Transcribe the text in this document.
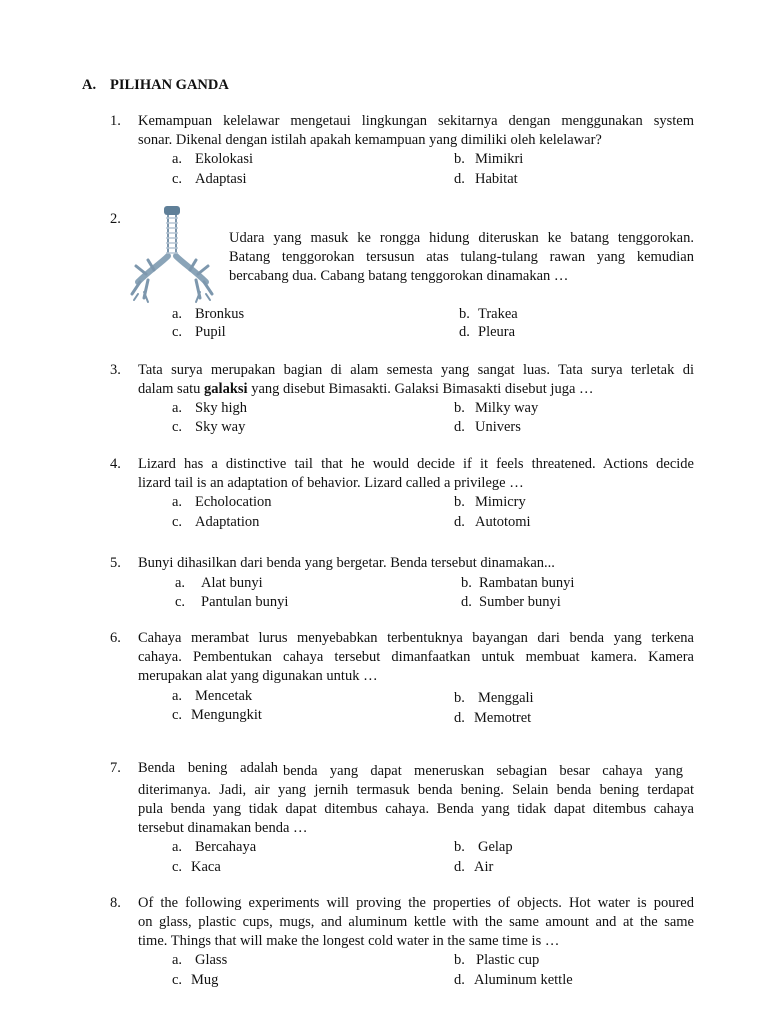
A. PILIHAN GANDA
1. Kemampuan kelelawar mengetaui lingkungan sekitarnya dengan menggunakan system
sonar. Dikenal dengan istilah apakah kemampuan yang dimiliki oleh kelelawar?
a. Ekolokasi	b. Mimikri
c. Adaptasi	d. Habitat
2.
Udara yang masuk ke rongga hidung diteruskan ke batang tenggorokan.
Batang tenggorokan tersusun atas tulang-tulang rawan yang kemudian
bercabang dua. Cabang batang tenggorokan dinamakan …
a. Bronkus	b. Trakea
c. Pupil	d. Pleura
3. Tata surya merupakan bagian di alam semesta yang sangat luas. Tata surya terletak di
dalam satu galaksi yang disebut Bimasakti. Galaksi Bimasakti disebut juga …
a. Sky high	b. Milky way
c. Sky way	d. Univers
4. Lizard has a distinctive tail that he would decide if it feels threatened. Actions decide
lizard tail is an adaptation of behavior. Lizard called a privilege …
a. Echolocation	b. Mimicry
c. Adaptation	d. Autotomi
5. Bunyi dihasilkan dari benda yang bergetar. Benda tersebut dinamakan...
a. Alat bunyi	b. Rambatan bunyi
c. Pantulan bunyi	d. Sumber bunyi
6. Cahaya merambat lurus menyebabkan terbentuknya bayangan dari benda yang terkena
cahaya. Pembentukan cahaya tersebut dimanfaatkan untuk membuat kamera. Kamera
merupakan alat yang digunakan untuk …
a. Mencetak	b. Menggali
c. Mengungkit	d. Memotret
7. Benda bening adalah benda yang dapat meneruskan sebagian besar cahaya yang
diterimanya. Jadi, air yang jernih termasuk benda bening. Selain benda bening terdapat
pula benda yang tidak dapat ditembus cahaya. Benda yang tidak dapat ditembus cahaya
tersebut dinamakan benda …
a. Bercahaya	b. Gelap
c. Kaca	d. Air
8. Of the following experiments will proving the properties of objects. Hot water is poured
on glass, plastic cups, mugs, and aluminum kettle with the same amount and at the same
time. Things that will make the longest cold water in the same time is …
a. Glass	b. Plastic cup
c. Mug	d. Aluminum kettle
